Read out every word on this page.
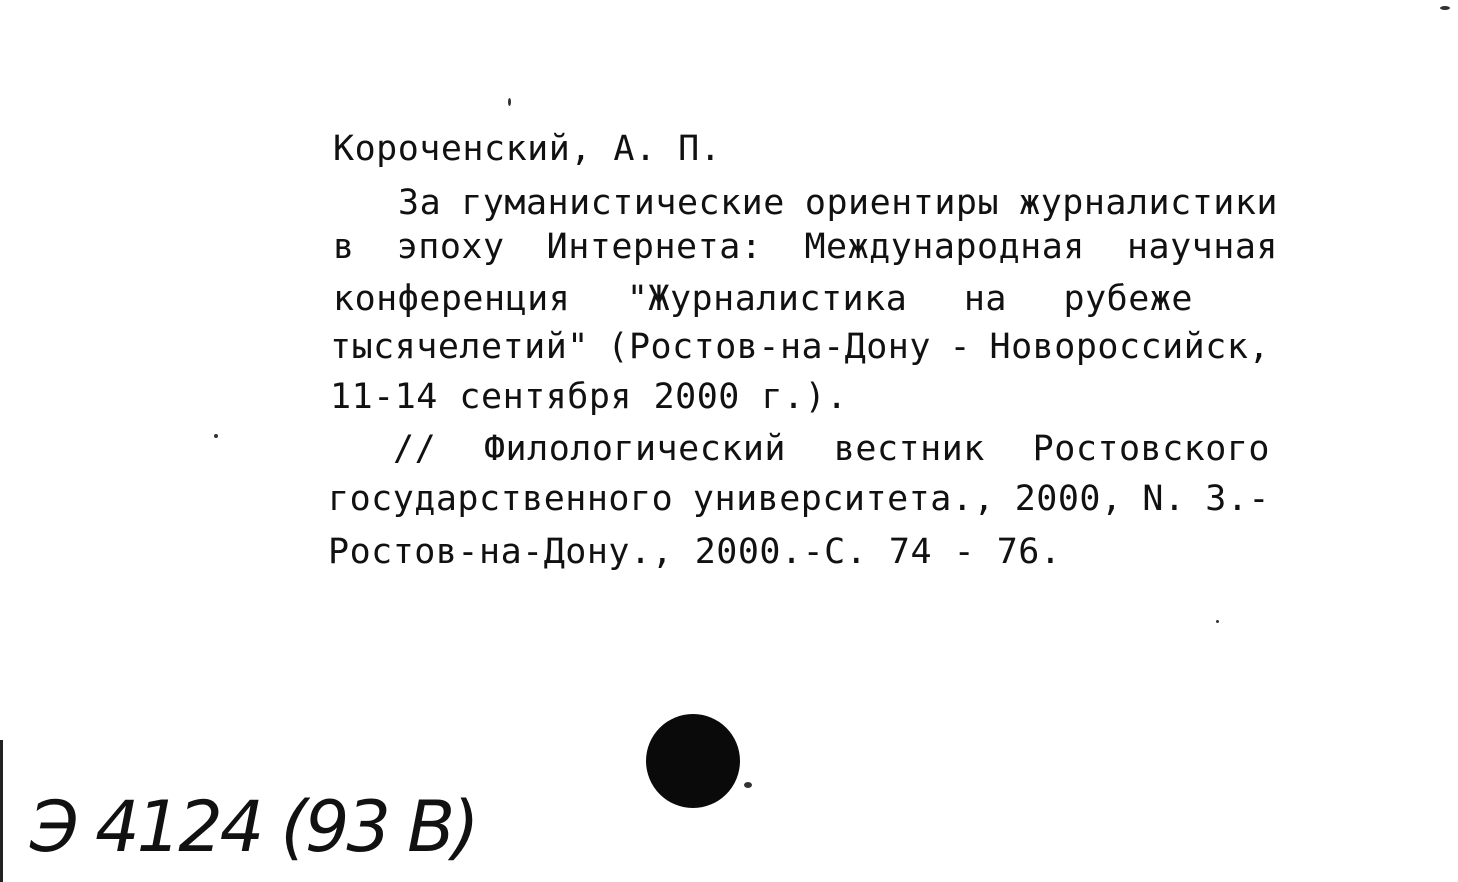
Короченский, А. П.

За гуманистические ориентиры журналистики
в эпоху Интернета: Международная научная
конференция "Журналистика на рубеже
тысячелетий" (Ростов-на-Дону - Новороссийск,
11-14 сентября 2000 г.).
// Филологический вестник Ростовского
государственного университета., 2000, N. 3.-
Ростов-на-Дону., 2000.-С. 74 - 76.
Э 4124 (93 В)
